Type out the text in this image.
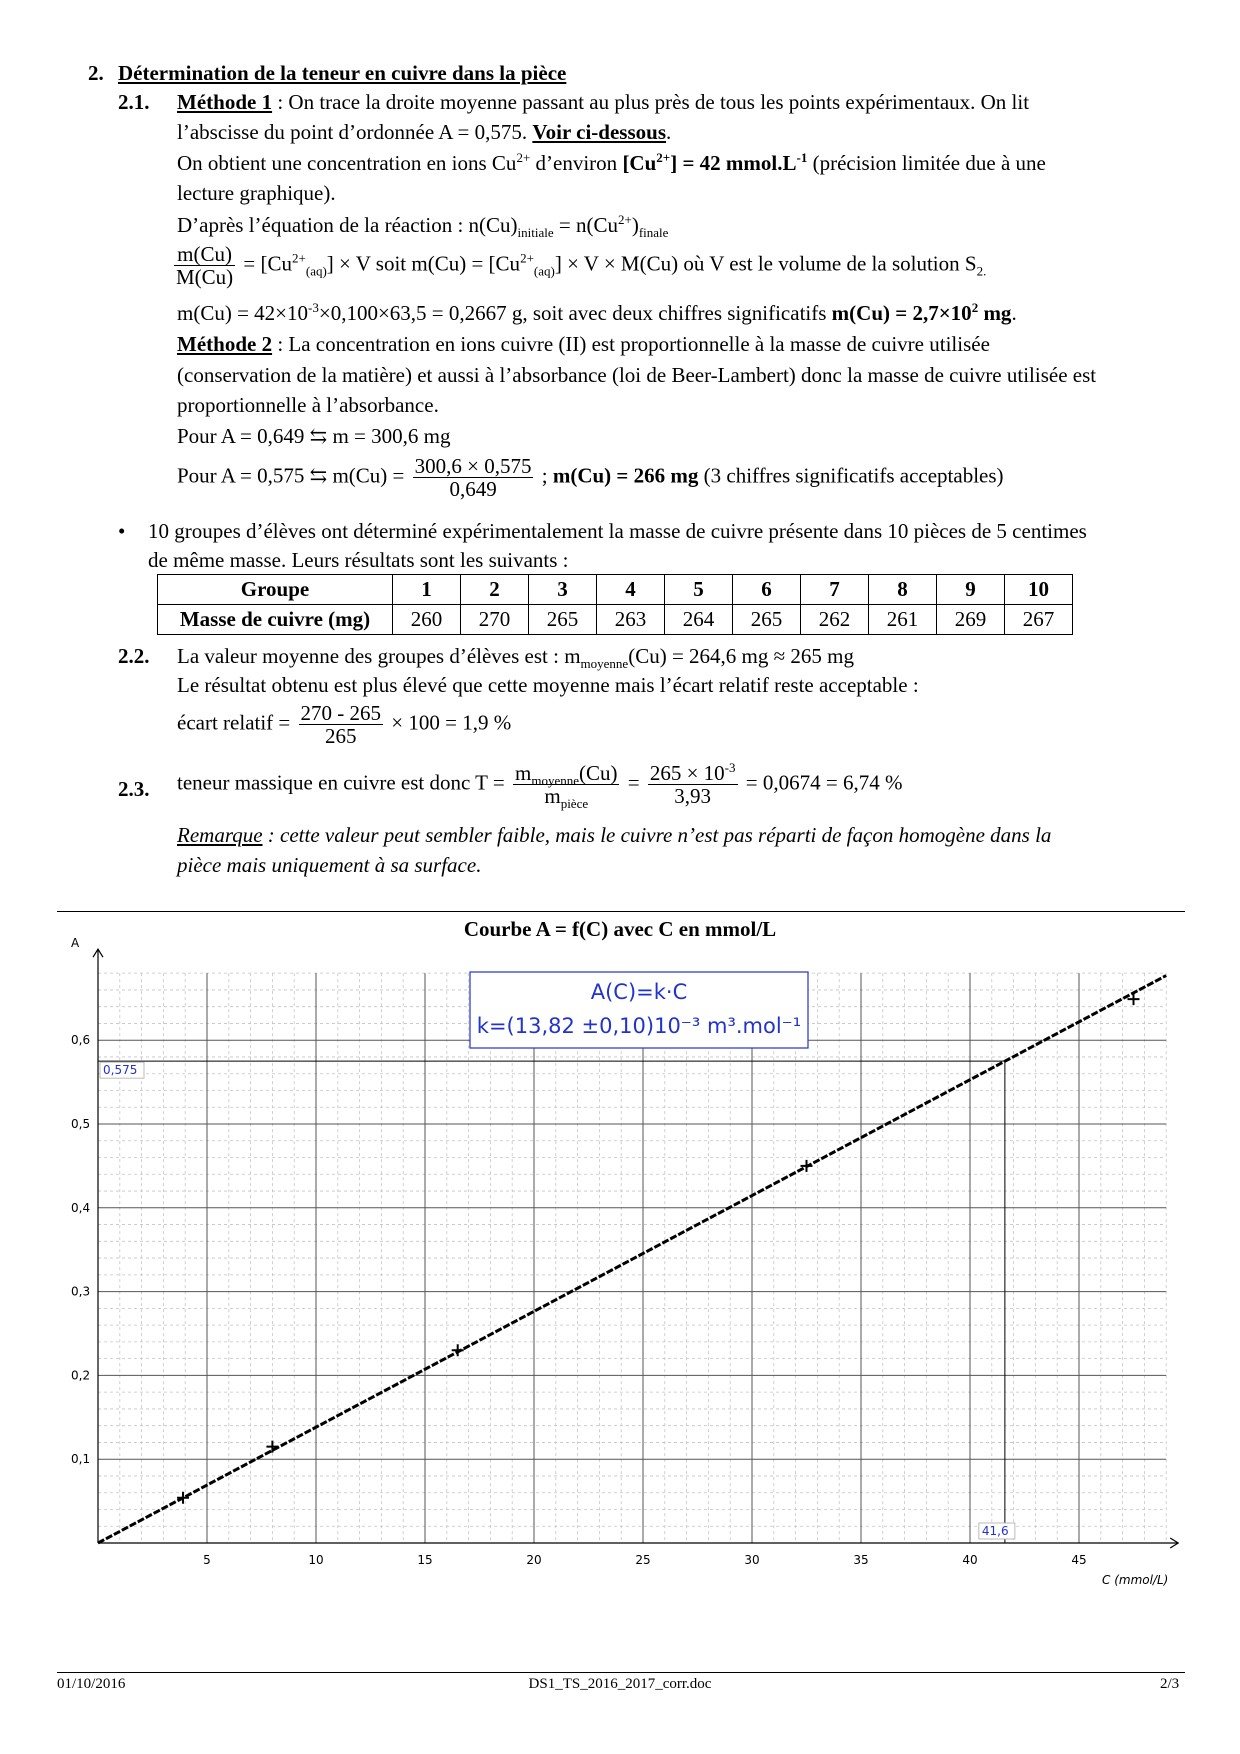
2. Détermination de la teneur en cuivre dans la pièce
2.1. Méthode 1 : On trace la droite moyenne passant au plus près de tous les points expérimentaux. On lit
l’abscisse du point d’ordonnée A = 0,575. Voir ci-dessous.
On obtient une concentration en ions $Cu^{2+}$ d’environ $[Cu^{2+}] = 42$ $mmol.L^{-1}$ (précision limitée due à une
lecture graphique).
D’après l’équation de la réaction : $n(Cu)_{initiale} = n(Cu^{2+})_{finale}$
$\frac{m(Cu)}{M(Cu)} = [Cu^{2+}_{(aq)}] \times V$ soit $m(Cu) = [Cu^{2+}_{(aq)}] \times V \times M(Cu)$ où V est le volume de la solution $S_{2.}$
$m(Cu) = 42\times 10^{-3}\times 0,100\times 63,5 = 0,2667$ g, soit avec deux chiffres significatifs $m(Cu) = 2,7\times 10^2$ mg.
Méthode 2 : La concentration en ions cuivre (II) est proportionnelle à la masse de cuivre utilisée
(conservation de la matière) et aussi à l’absorbance (loi de Beer-Lambert) donc la masse de cuivre utilisée est
proportionnelle à l’absorbance.
Pour A = 0,649 ⇆ m = 300,6 mg
Pour A = 0,575 ⇆ $m(Cu) = \frac{300,6 \times 0,575}{0,649}$ ; m(Cu) = 266 mg (3 chiffres significatifs acceptables)
• 10 groupes d’élèves ont déterminé expérimentalement la masse de cuivre présente dans 10 pièces de 5 centimes
de même masse. Leurs résultats sont les suivants :
Groupe	1	2	3	4	5	6	7	8	9	10
Masse de cuivre (mg)	260	270	265	263	264	265	262	261	269	267
2.2. La valeur moyenne des groupes d’élèves est : $m_{moyenne}(Cu) = 264,6$ mg ≈ 265 mg
Le résultat obtenu est plus élevé que cette moyenne mais l’écart relatif reste acceptable :
écart relatif = $\frac{270 - 265}{265} \times 100 = 1,9$ %
2.3. teneur massique en cuivre est donc $T = \frac{m_{moyenne}(Cu)}{m_{pièce}} = \frac{265 \times 10^{-3}}{3,93} = 0,0674 = 6,74$ %
Remarque : cette valeur peut sembler faible, mais le cuivre n’est pas réparti de façon homogène dans la
pièce mais uniquement à sa surface.
Courbe A = f(C) avec C en mmol/L
5	10	15	20	25	30	35	40	45
0,1
0,2
0,3
0,4
0,5
0,6
A
C (mmol/L)
0,575
41,6
A(C)=k·C
k=(13,82 ±0,10)10⁻³ m³.mol⁻¹
01/10/2016	DS1_TS_2016_2017_corr.doc	2/3
